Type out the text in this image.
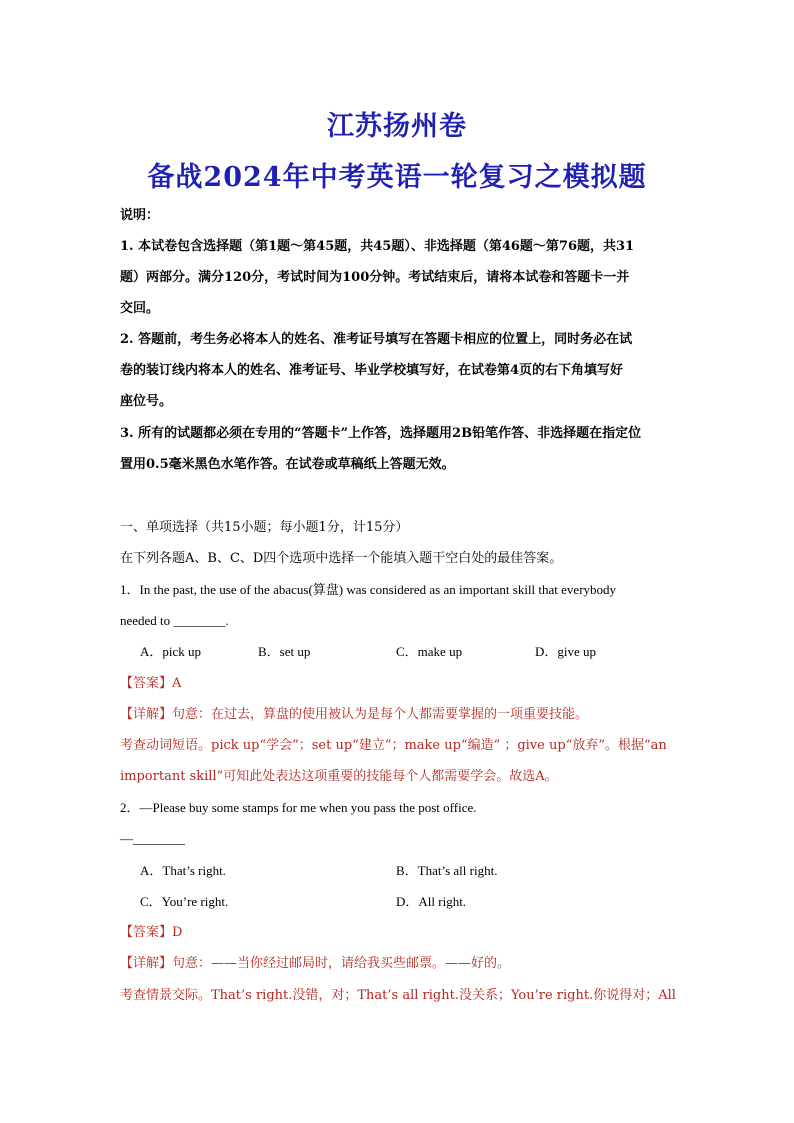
江苏扬州卷
备战2024年中考英语一轮复习之模拟题
说明：
1. 本试卷包含选择题（第1题～第45题，共45题）、非选择题（第46题～第76题，共31
题）两部分。满分120分，考试时间为100分钟。考试结束后，请将本试卷和答题卡一并
交回。
2. 答题前，考生务必将本人的姓名、准考证号填写在答题卡相应的位置上，同时务必在试
卷的装订线内将本人的姓名、准考证号、毕业学校填写好，在试卷第4页的右下角填写好
座位号。
3. 所有的试题都必须在专用的“答题卡”上作答，选择题用2B铅笔作答、非选择题在指定位
置用0.5毫米黑色水笔作答。在试卷或草稿纸上答题无效。
一、单项选择（共15小题；每小题1分，计15分）
在下列各题A、B、C、D四个选项中选择一个能填入题干空白处的最佳答案。
1．In the past, the use of the abacus(算盘) was considered as an important skill that everybody
needed to ________.
A．pick up	B．set up	C．make up	D．give up
【答案】A
【详解】句意：在过去，算盘的使用被认为是每个人都需要掌握的一项重要技能。
考查动词短语。pick up“学会”；set up“建立”；make up“编造” ；give up“放弃”。根据“an
important skill”可知此处表达这项重要的技能每个人都需要学会。故选A。
2．—Please buy some stamps for me when you pass the post office.
—________
A．That’s right.	B．That’s all right.
C．You’re right.	D．All right.
【答案】D
【详解】句意：——当你经过邮局时，请给我买些邮票。——好的。
考查情景交际。That’s right.没错，对；That’s all right.没关系；You’re right.你说得对；All
